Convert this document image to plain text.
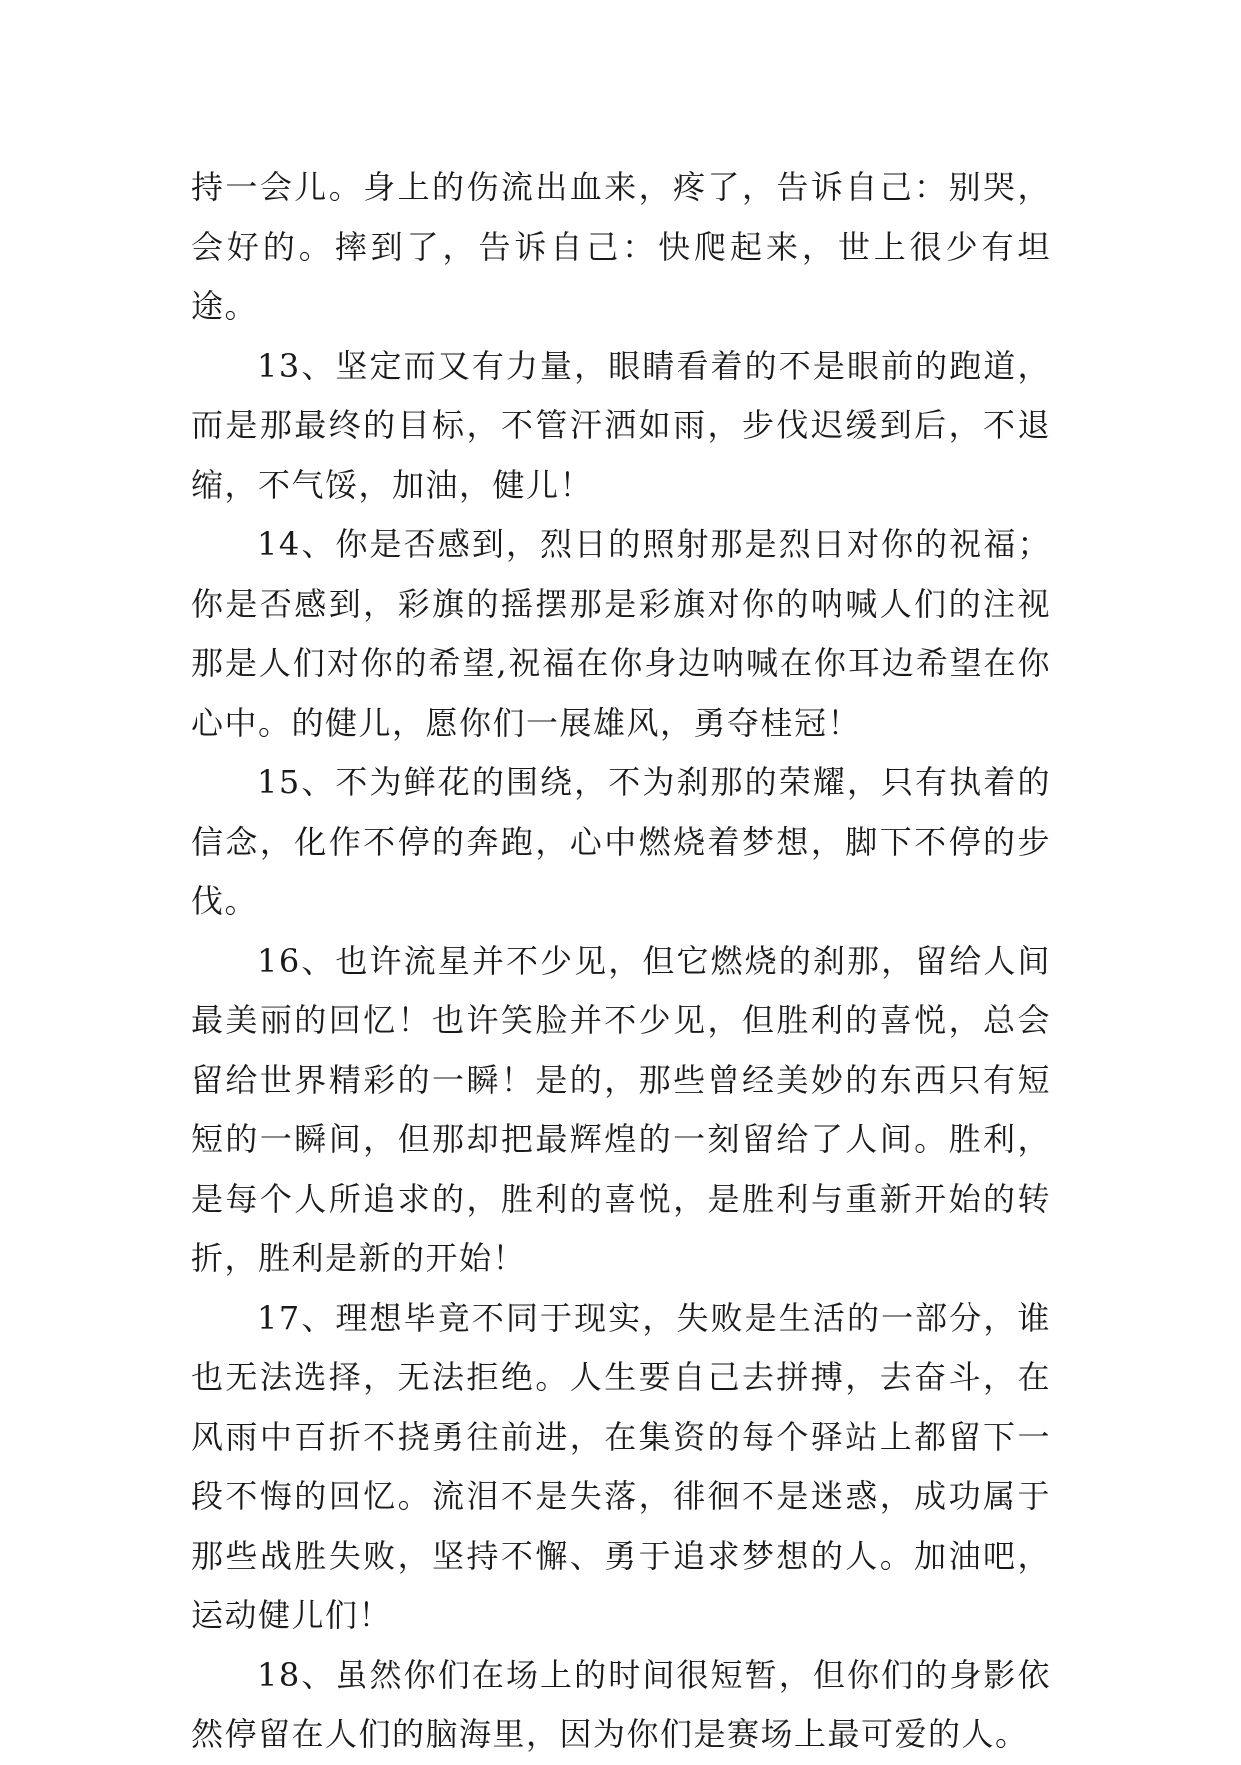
持一会儿。身上的伤流出血来，疼了，告诉自己：别哭，会好的。摔到了，告诉自己：快爬起来，世上很少有坦途。

13、坚定而又有力量，眼睛看着的不是眼前的跑道，而是那最终的目标，不管汗洒如雨，步伐迟缓到后，不退缩，不气馁，加油，健儿！

14、你是否感到，烈日的照射那是烈日对你的祝福；你是否感到，彩旗的摇摆那是彩旗对你的呐喊人们的注视那是人们对你的希望,祝福在你身边呐喊在你耳边希望在你心中。的健儿，愿你们一展雄风，勇夺桂冠！

15、不为鲜花的围绕，不为刹那的荣耀，只有执着的信念，化作不停的奔跑，心中燃烧着梦想，脚下不停的步伐。

16、也许流星并不少见，但它燃烧的刹那，留给人间最美丽的回忆！也许笑脸并不少见，但胜利的喜悦，总会留给世界精彩的一瞬！是的，那些曾经美妙的东西只有短短的一瞬间，但那却把最辉煌的一刻留给了人间。胜利，是每个人所追求的，胜利的喜悦，是胜利与重新开始的转折，胜利是新的开始！

17、理想毕竟不同于现实，失败是生活的一部分，谁也无法选择，无法拒绝。人生要自己去拼搏，去奋斗，在风雨中百折不挠勇往前进，在集资的每个驿站上都留下一段不悔的回忆。流泪不是失落，徘徊不是迷惑，成功属于那些战胜失败，坚持不懈、勇于追求梦想的人。加油吧，运动健儿们！

18、虽然你们在场上的时间很短暂，但你们的身影依然停留在人们的脑海里，因为你们是赛场上最可爱的人。
